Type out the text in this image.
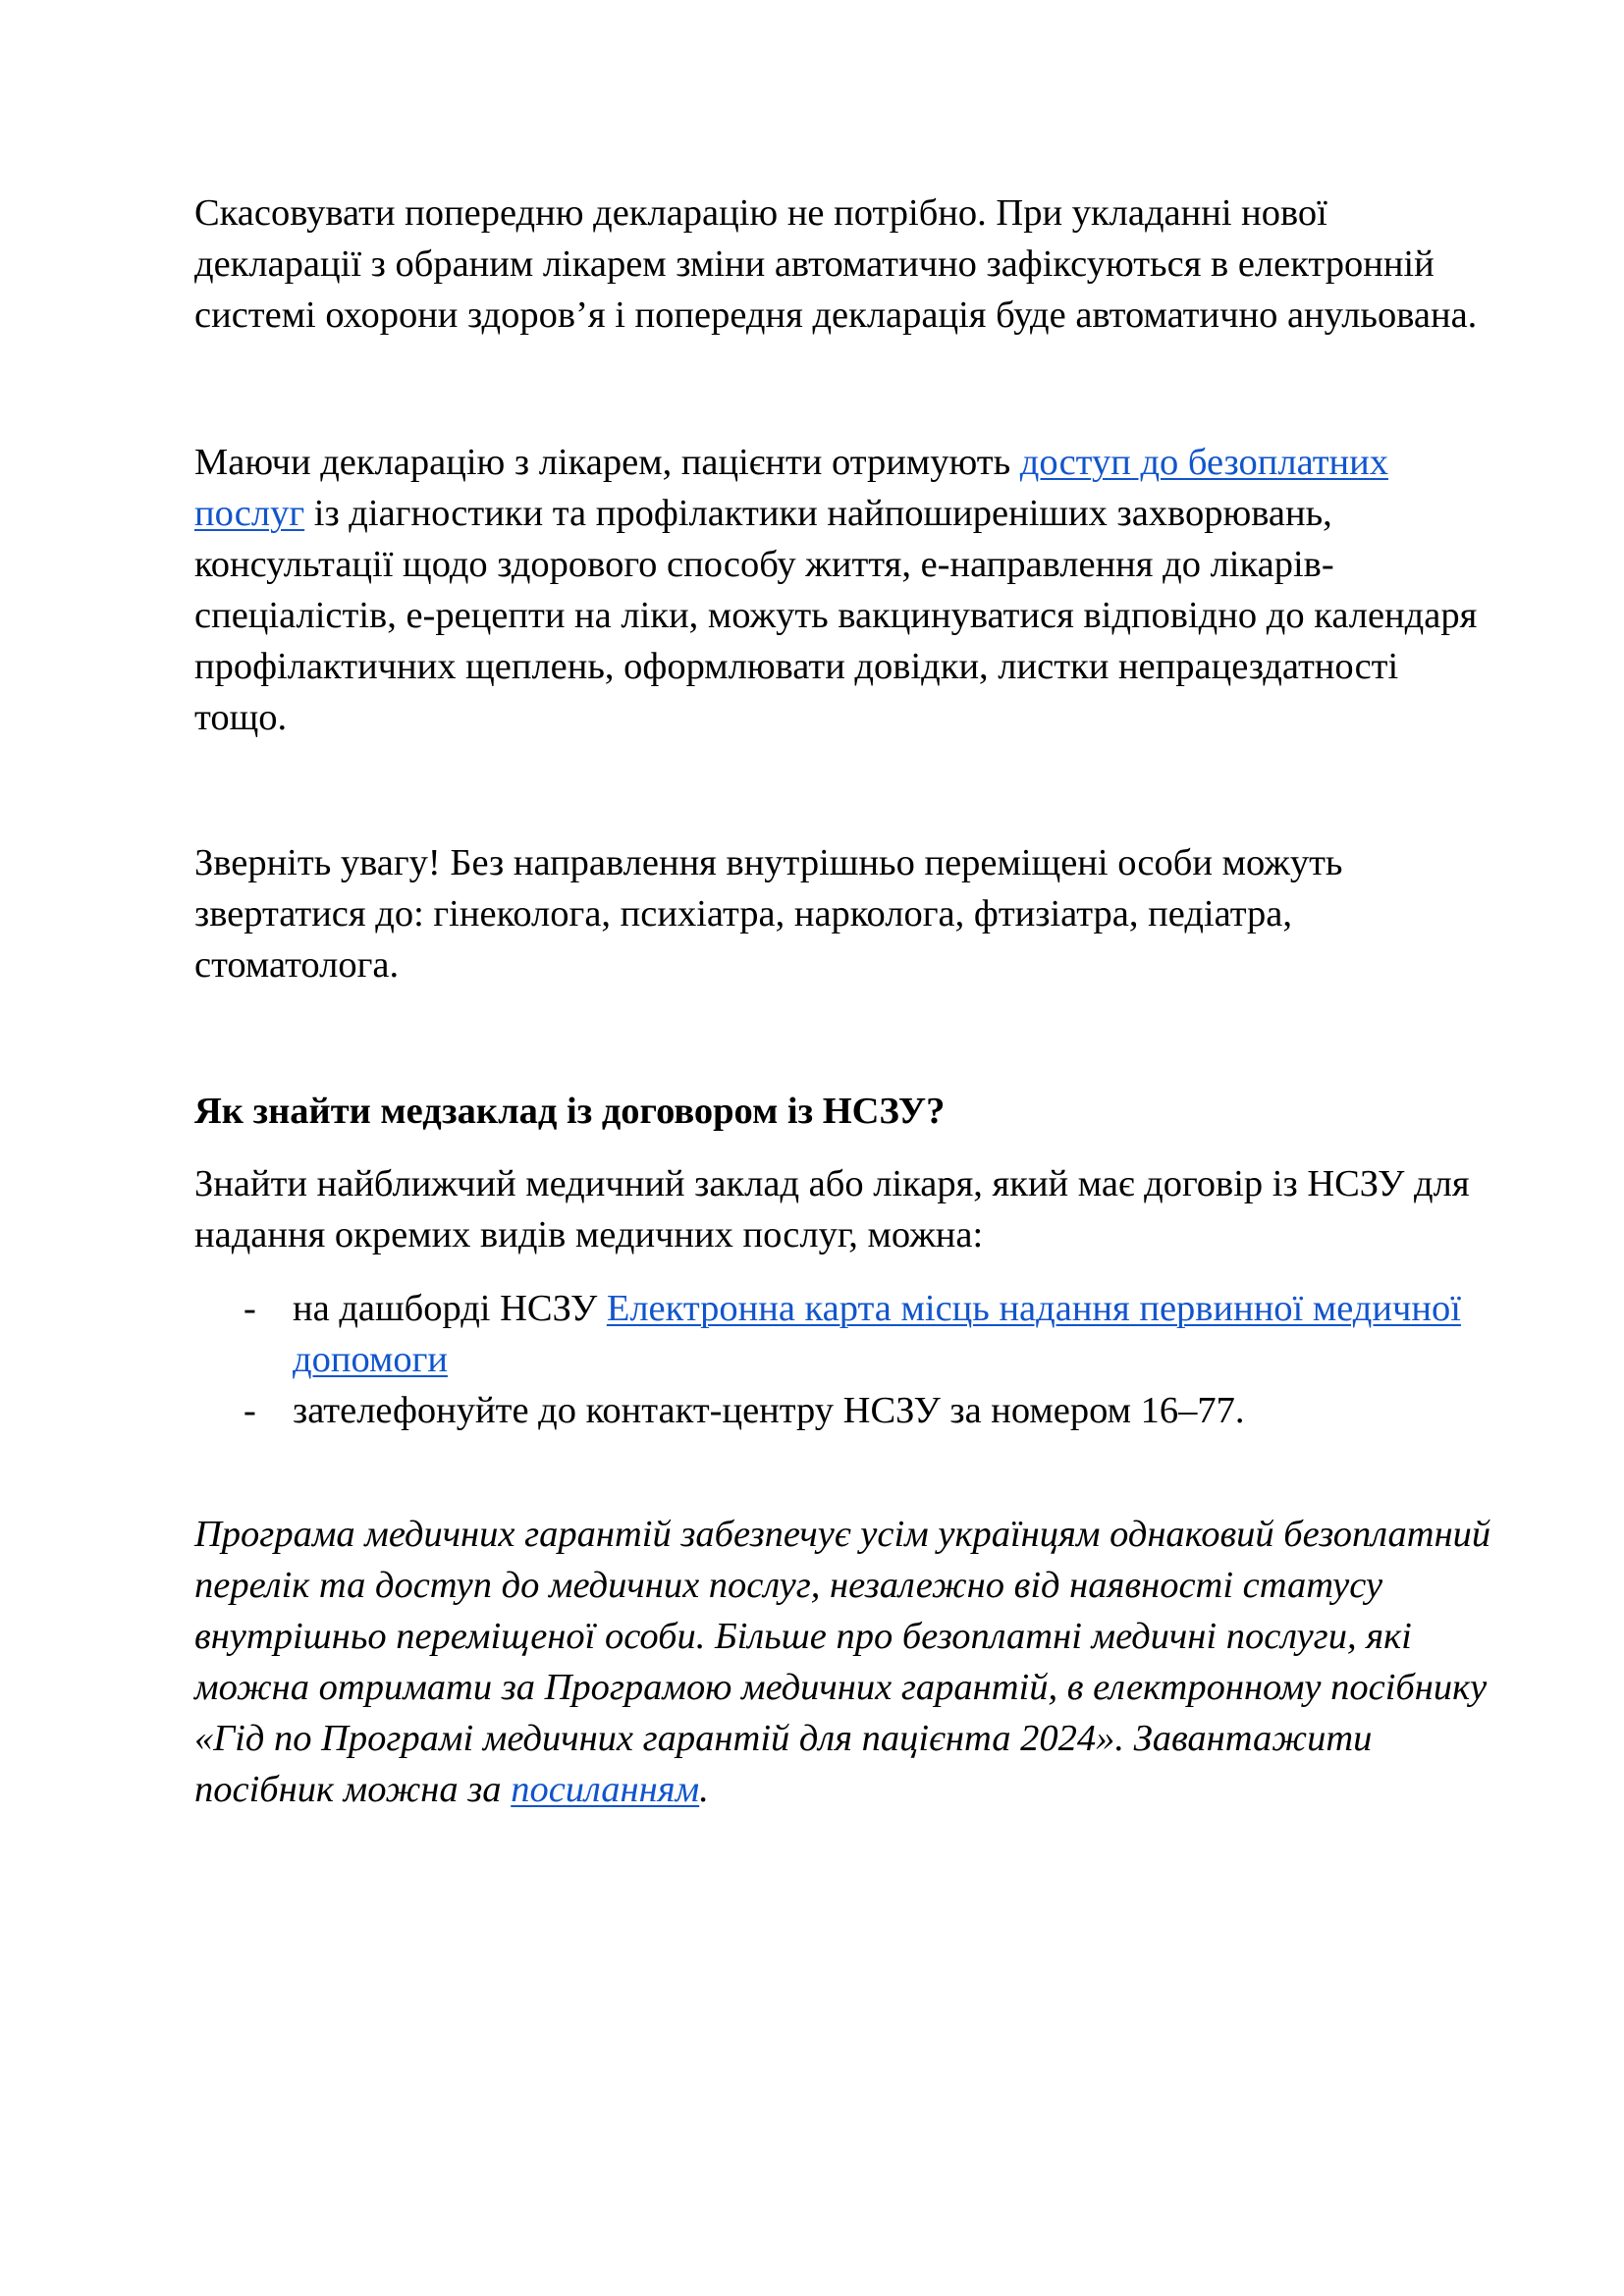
Скасовувати попередню декларацію не потрібно. При укладанні нової
декларації з обраним лікарем зміни автоматично зафіксуються в електронній
системі охорони здоров’я і попередня декларація буде автоматично анульована.
Маючи декларацію з лікарем, пацієнти отримують доступ до безоплатних
послуг із діагностики та профілактики найпоширеніших захворювань,
консультації щодо здорового способу життя, е-направлення до лікарів-
спеціалістів, е-рецепти на ліки, можуть вакцинуватися відповідно до календаря
профілактичних щеплень, оформлювати довідки, листки непрацездатності
тощо.
Зверніть увагу! Без направлення внутрішньо переміщені особи можуть
звертатися до: гінеколога, психіатра, нарколога, фтизіатра, педіатра,
стоматолога.
Як знайти медзаклад із договором із НСЗУ?
Знайти найближчий медичний заклад або лікаря, який має договір із НСЗУ для
надання окремих видів медичних послуг, можна:
- на дашборді НСЗУ Електронна карта місць надання первинної медичної
допомоги
- зателефонуйте до контакт-центру НСЗУ за номером 16–77.
Програма медичних гарантій забезпечує усім українцям однаковий безоплатний
перелік та доступ до медичних послуг, незалежно від наявності статусу
внутрішньо переміщеної особи. Більше про безоплатні медичні послуги, які
можна отримати за Програмою медичних гарантій, в електронному посібнику
«Гід по Програмі медичних гарантій для пацієнта 2024». Завантажити
посібник можна за посиланням.
